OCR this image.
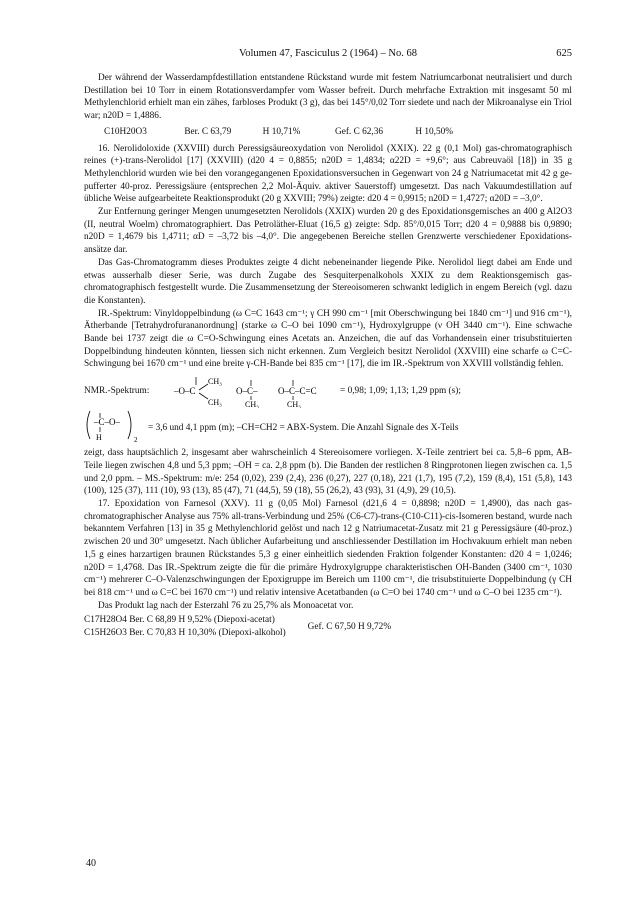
Volumen 47, Fasciculus 2 (1964) – No. 68	625

Der während der Wasserdampfdestillation entstandene Rückstand wurde mit festem Natriumcarbonat neutralisiert und durch Destillation bei 10 Torr in einem Rotationsverdampfer vom Wasser befreit. Durch mehrfache Extraktion mit insgesamt 50 ml Methylenchlorid erhielt man ein zähes, farbloses Produkt (3 g), das bei 145°/0,02 Torr siedete und nach der Mikroanalyse ein Triol war; n20D = 1,4886.

C10H20O3	Ber. C 63,79	H 10,71%	Gef. C 62,36	H 10,50%

16. Nerolidoloxide (XXVIII) durch Peressigsäureoxydation von Nerolidol (XXIX). 22 g (0,1 Mol) gas-chromatographisch reines (+)-trans-Nerolidol [17] (XXVIII) (d20 4 = 0,8855; n20D = 1,4834; α22D = +9,6°; aus Cabreuvaöl [18]) in 35 g Methylenchlorid wurden wie bei den vorangegangenen Epoxidationsversuchen in Gegenwart von 24 g Natriumacetat mit 42 g gepufferter 40-proz. Peressigsäure (entsprechen 2,2 Mol-Äquiv. aktiver Sauerstoff) umgesetzt. Das nach Vakuumdestillation auf übliche Weise aufgearbeitete Reaktionsprodukt (20 g XXVIII; 79%) zeigte: d20 4 = 0,9915; n20D = 1,4727; α20D = –3,0°.

Zur Entfernung geringer Mengen unumgesetzten Nerolidols (XXIX) wurden 20 g des Epoxidationsgemisches an 400 g Al2O3 (II, neutral Woelm) chromatographiert. Das Petroläther-Eluat (16,5 g) zeigte: Sdp. 85°/0,015 Torr; d20 4 = 0,9888 bis 0,9890; n20D = 1,4679 bis 1,4711; αD = –3,72 bis –4,0°. Die angegebenen Bereiche stellen Grenzwerte verschiedener Epoxidationsansätze dar.

Das Gas-Chromatogramm dieses Produktes zeigte 4 dicht nebeneinander liegende Pike. Nerolidol liegt dabei am Ende und etwas ausserhalb dieser Serie, was durch Zugabe des Sesquiterpenalkohols XXIX zu dem Reaktionsgemisch gas-chromatographisch festgestellt wurde. Die Zusammensetzung der Stereoisomeren schwankt lediglich in engem Bereich (vgl. dazu die Konstanten).

IR.-Spektrum: Vinyldoppelbindung (ω C=C 1643 cm⁻¹; γ CH 990 cm⁻¹ [mit Oberschwingung bei 1840 cm⁻¹] und 916 cm⁻¹), Ätherbande [Tetrahydrofurananordnung] (starke ω C–O bei 1090 cm⁻¹), Hydroxylgruppe (ν OH 3440 cm⁻¹). Eine schwache Bande bei 1737 zeigt die ω C=O-Schwingung eines Acetats an. Anzeichen, die auf das Vorhandensein einer trisubstituierten Doppelbindung hindeuten könnten, liessen sich nicht erkennen. Zum Vergleich besitzt Nerolidol (XXVIII) eine scharfe ω C=C-Schwingung bei 1670 cm⁻¹ und eine breite γ-CH-Bande bei 835 cm⁻¹ [17], die im IR.-Spektrum von XXVIII vollständig fehlen.

NMR.-Spektrum:	–O–C
CH₃
CH₃
O–C–
CH₃
O–C–C=C
CH₃
= 0,98; 1,09; 1,13; 1,29 ppm (s);
–C–O–
H	2
= 3,6 und 4,1 ppm (m); –CH=CH2 = ABX-System. Die Anzahl Signale des X-Teils

zeigt, dass hauptsächlich 2, insgesamt aber wahrscheinlich 4 Stereoisomere vorliegen. X-Teile zentriert bei ca. 5,8–6 ppm, AB-Teile liegen zwischen 4,8 und 5,3 ppm; –OH = ca. 2,8 ppm (b). Die Banden der restlichen 8 Ringprotonen liegen zwischen ca. 1,5 und 2,0 ppm. – MS.-Spektrum: m/e: 254 (0,02), 239 (2,4), 236 (0,27), 227 (0,18), 221 (1,7), 195 (7,2), 159 (8,4), 151 (5,8), 143 (100), 125 (37), 111 (10), 93 (13), 85 (47), 71 (44,5), 59 (18), 55 (26,2), 43 (93), 31 (4,9), 29 (10,5).

17. Epoxidation von Farnesol (XXV). 11 g (0,05 Mol) Farnesol (d21,6 4 = 0,8898; n20D = 1,4900), das nach gas-chromatographischer Analyse aus 75% all-trans-Verbindung und 25% (C6-C7)-trans-(C10-C11)-cis-Isomeren bestand, wurde nach bekanntem Verfahren [13] in 35 g Methylenchlorid gelöst und nach 12 g Natriumacetat-Zusatz mit 21 g Peressigsäure (40-proz.) zwischen 20 und 30° umgesetzt. Nach üblicher Aufarbeitung und anschliessender Destillation im Hochvakuum erhielt man neben 1,5 g eines harzartigen braunen Rückstandes 5,3 g einer einheitlich siedenden Fraktion folgender Konstanten: d20 4 = 1,0246; n20D = 1,4768. Das IR.-Spektrum zeigte die für die primäre Hydroxylgruppe charakteristischen OH-Banden (3400 cm⁻¹, 1030 cm⁻¹) mehrerer C–O-Valenzschwingungen der Epoxigruppe im Bereich um 1100 cm⁻¹, die trisubstituierte Doppelbindung (γ CH bei 818 cm⁻¹ und ω C=C bei 1670 cm⁻¹) und relativ intensive Acetatbanden (ω C=O bei 1740 cm⁻¹ und ω C–O bei 1235 cm⁻¹).

Das Produkt lag nach der Esterzahl 76 zu 25,7% als Monoacetat vor.

C17H28O4 Ber. C 68,89 H 9,52% (Diepoxi-acetat)
C15H26O3 Ber. C 70,83 H 10,30% (Diepoxi-alkohol)
Gef. C 67,50 H 9,72%
40
